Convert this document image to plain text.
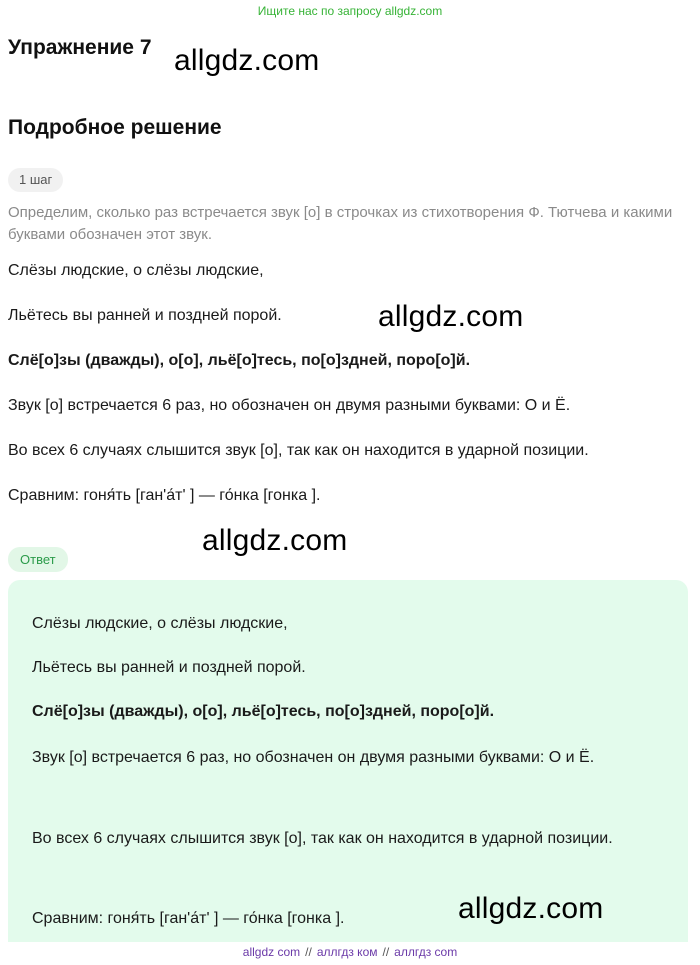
Ищите нас по запросу allgdz.com
Упражнение 7 allgdz.com
Подробное решение
1 шаг
Определим, сколько раз встречается звук [о] в строчках из стихотворения Ф. Тютчева и какими буквами обозначен этот звук.
Слёзы людские, о слёзы людские,
Льётесь вы ранней и поздней порой.	allgdz.com
Слё[о]зы (дважды), о[о], льё[о]тесь, по[о]здней, поро[о]й.
Звук [о] встречается 6 раз, но обозначен он двумя разными буквами: О и Ё.
Во всех 6 случаях слышится звук [о], так как он находится в ударной позиции.
Сравним: гоня́ть [ган'а́т' ] — го́нка [гонка ].
allgdz.com
Ответ
Слёзы людские, о слёзы людские,
Льётесь вы ранней и поздней порой.
Слё[о]зы (дважды), о[о], льё[о]тесь, по[о]здней, поро[о]й.
Звук [о] встречается 6 раз, но обозначен он двумя разными буквами: О и Ё.
Во всех 6 случаях слышится звук [о], так как он находится в ударной позиции.
Сравним: гоня́ть [ган'а́т' ] — го́нка [гонка ].	allgdz.com
allgdz com // аллгдз ком // аллгдз com
